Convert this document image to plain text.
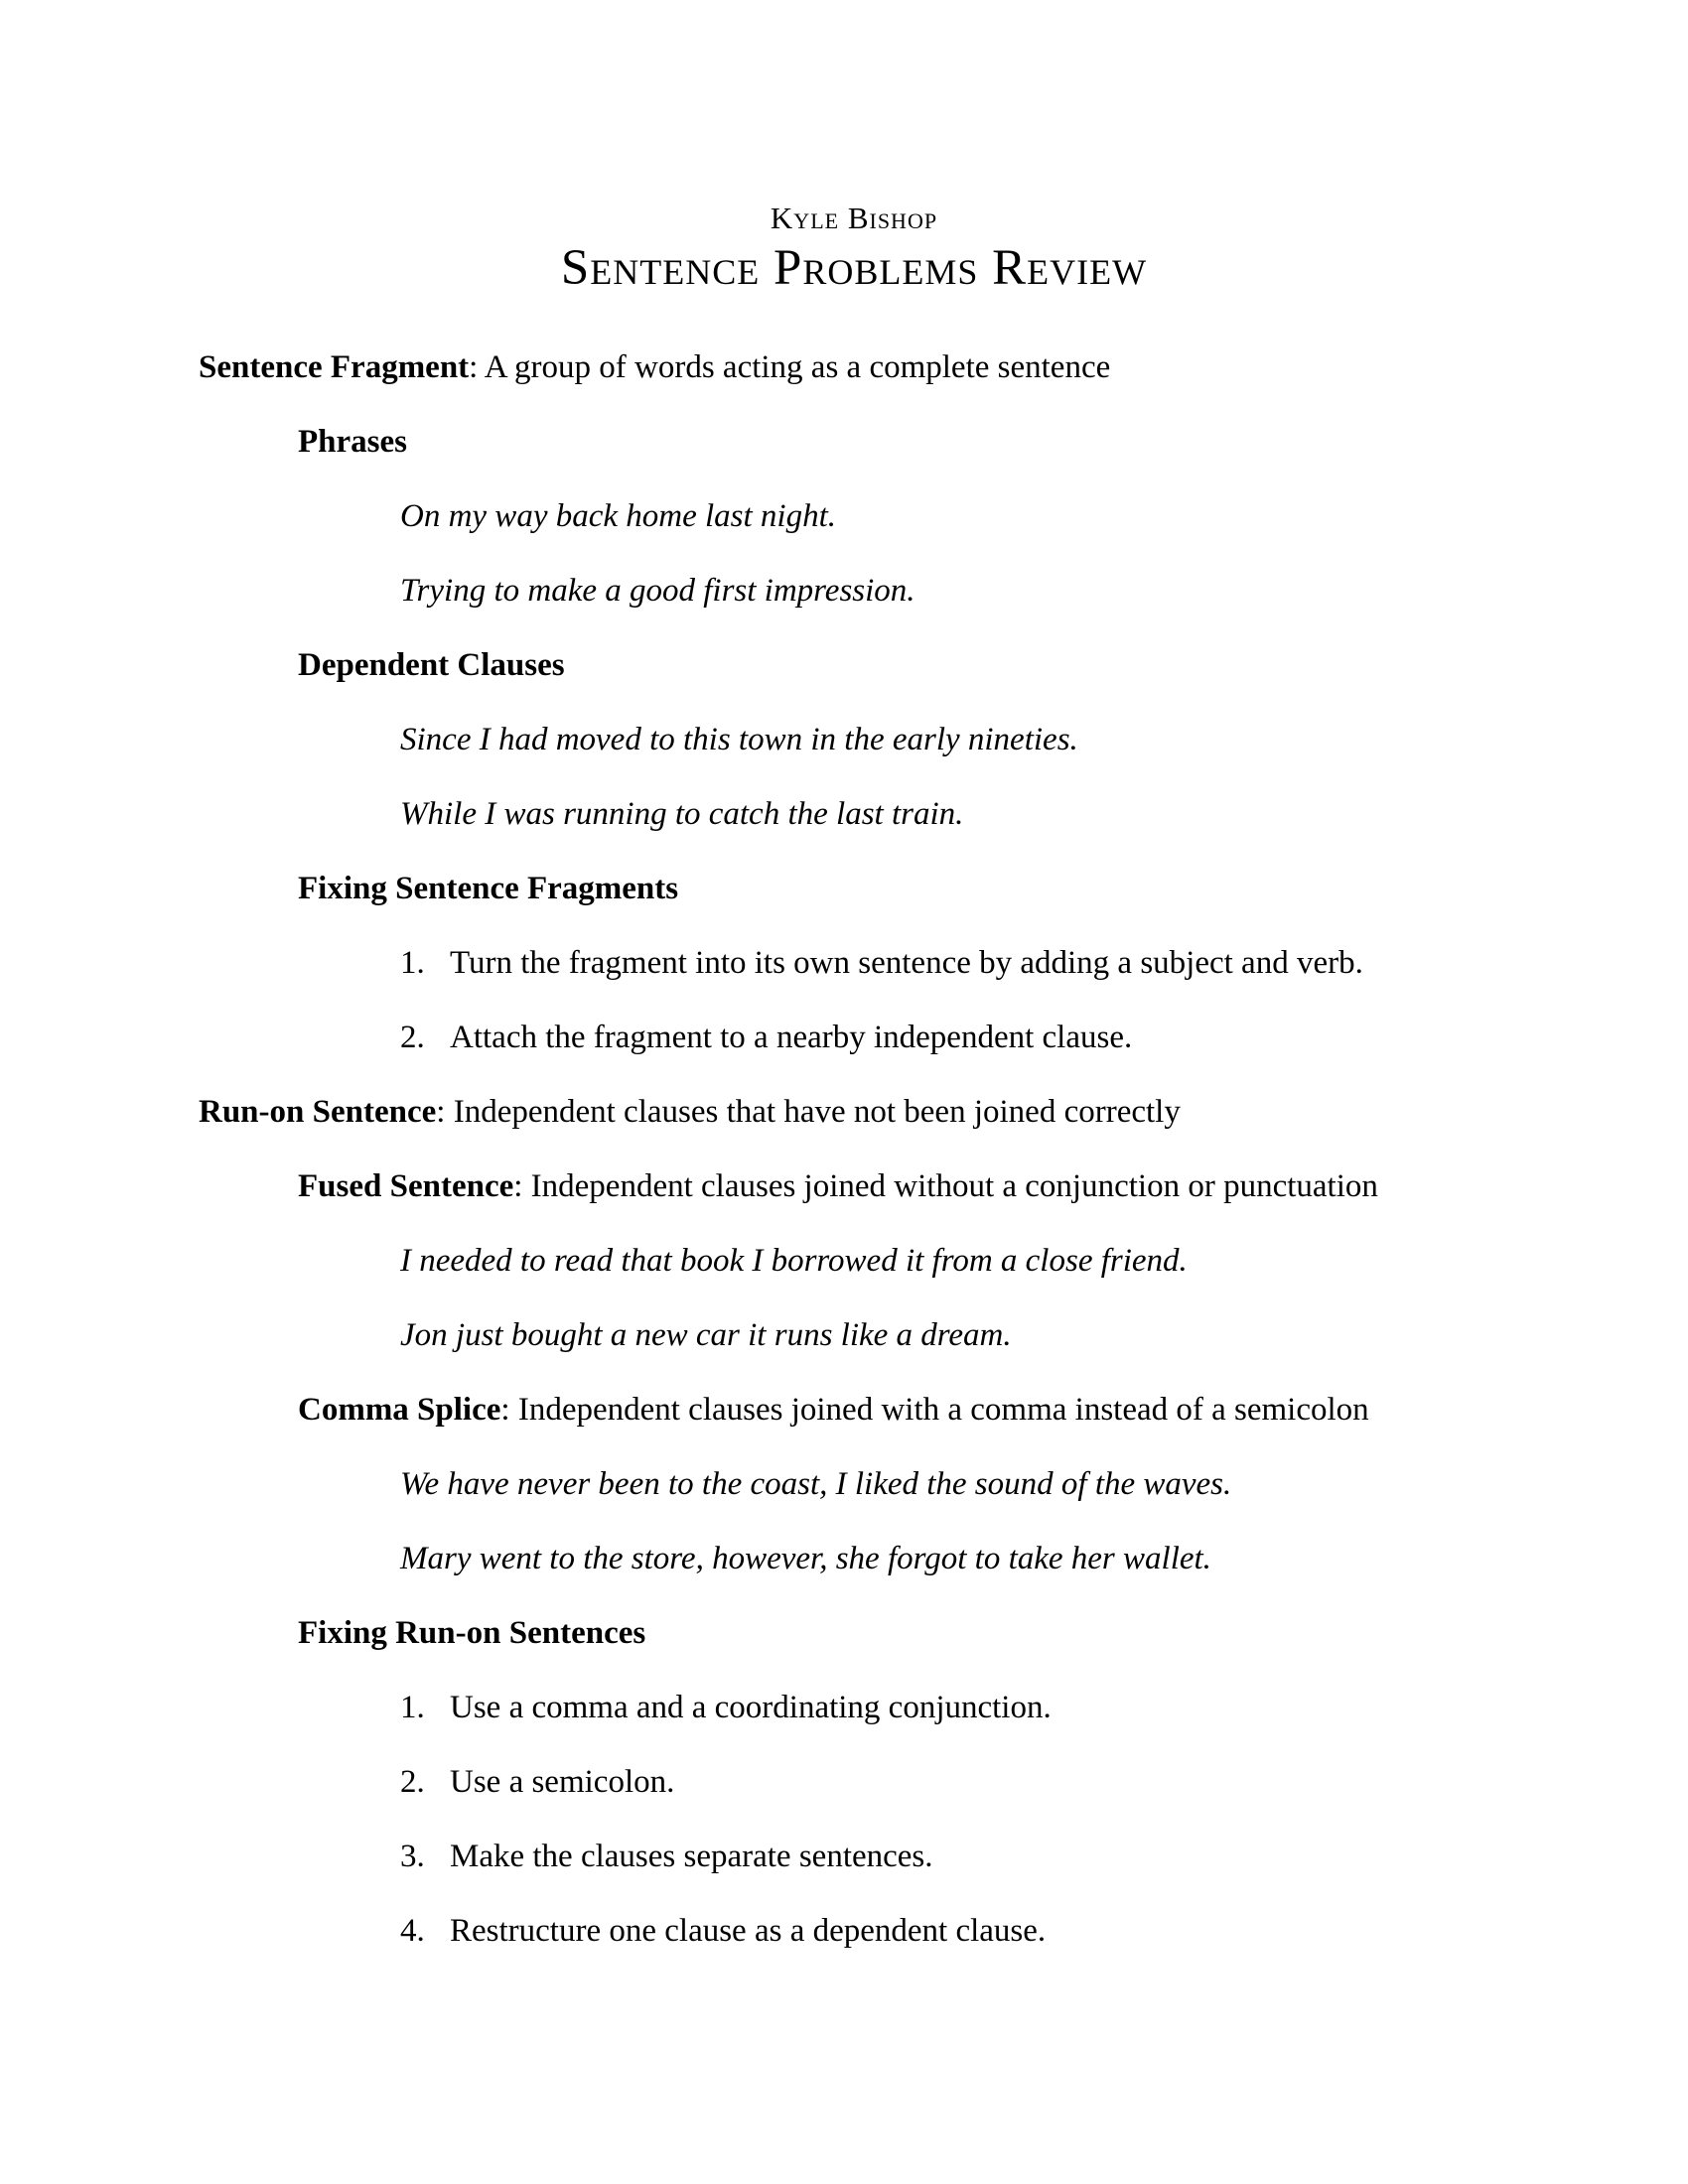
Kyle Bishop
Sentence Problems Review

Sentence Fragment: A group of words acting as a complete sentence

Phrases

On my way back home last night.

Trying to make a good first impression.

Dependent Clauses

Since I had moved to this town in the early nineties.

While I was running to catch the last train.

Fixing Sentence Fragments

1. Turn the fragment into its own sentence by adding a subject and verb.

2. Attach the fragment to a nearby independent clause.

Run-on Sentence: Independent clauses that have not been joined correctly

Fused Sentence: Independent clauses joined without a conjunction or punctuation

I needed to read that book I borrowed it from a close friend.

Jon just bought a new car it runs like a dream.

Comma Splice: Independent clauses joined with a comma instead of a semicolon

We have never been to the coast, I liked the sound of the waves.

Mary went to the store, however, she forgot to take her wallet.

Fixing Run-on Sentences

1. Use a comma and a coordinating conjunction.

2. Use a semicolon.

3. Make the clauses separate sentences.

4. Restructure one clause as a dependent clause.
